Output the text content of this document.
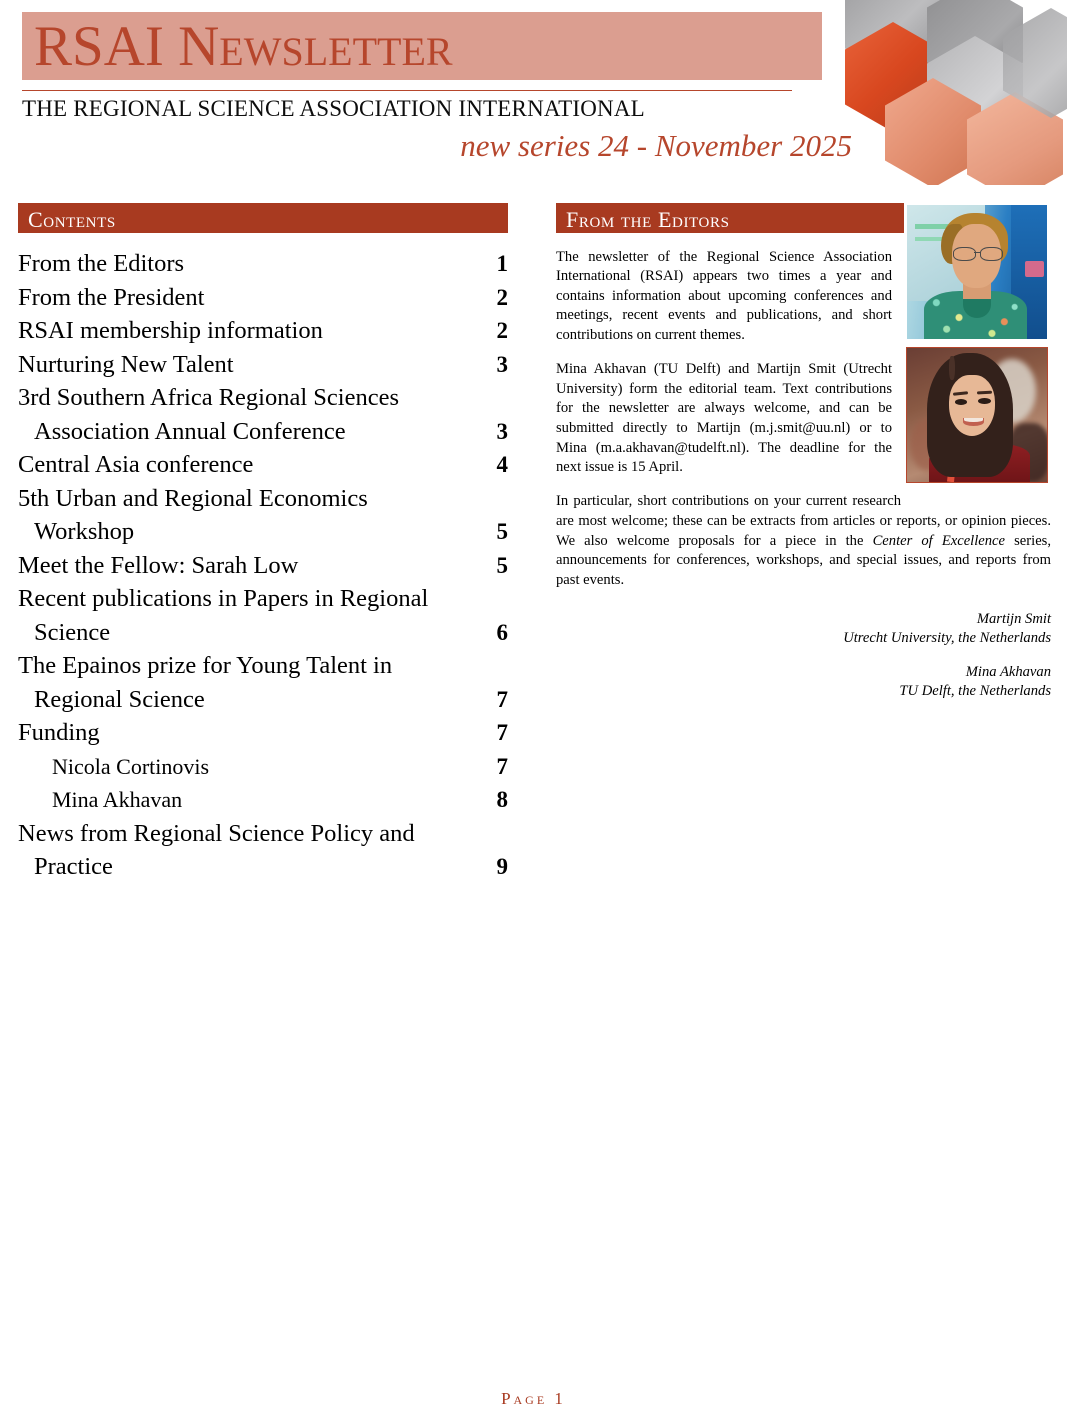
RSAI Newsletter
THE REGIONAL SCIENCE ASSOCIATION INTERNATIONAL
new series 24 - November 2025
Contents
From the Editors	1
From the President	2
RSAI membership information	2
Nurturing New Talent	3
3rd Southern Africa Regional Sciences
Association Annual Conference	3
Central Asia conference	4
5th Urban and Regional Economics
Workshop	5
Meet the Fellow: Sarah Low	5
Recent publications in Papers in Regional
Science	6
The Epainos prize for Young Talent in
Regional Science	7
Funding	7
Nicola Cortinovis	7
Mina Akhavan	8
News from Regional Science Policy and
Practice	9
From the Editors

The newsletter of the Regional Science Association International (RSAI) appears two times a year and contains information about upcoming conferences and meetings, recent events and publications, and short contributions on current themes.

Mina Akhavan (TU Delft) and Martijn Smit (Utrecht University) form the editorial team. Text contributions for the newsletter are always welcome, and can be submitted directly to Martijn (m.j.smit@uu.nl) or to Mina (m.a.akhavan@tudelft.nl). The deadline for the next issue is 15 April.

In particular, short contributions on your current research are most welcome; these can be extracts from articles or reports, or opinion pieces. We also welcome proposals for a piece in the Center of Excellence series, announcements for conferences, workshops, and special issues, and reports from past events.

Martijn Smit
Utrecht University, the Netherlands
Mina Akhavan
TU Delft, the Netherlands
Page 1
